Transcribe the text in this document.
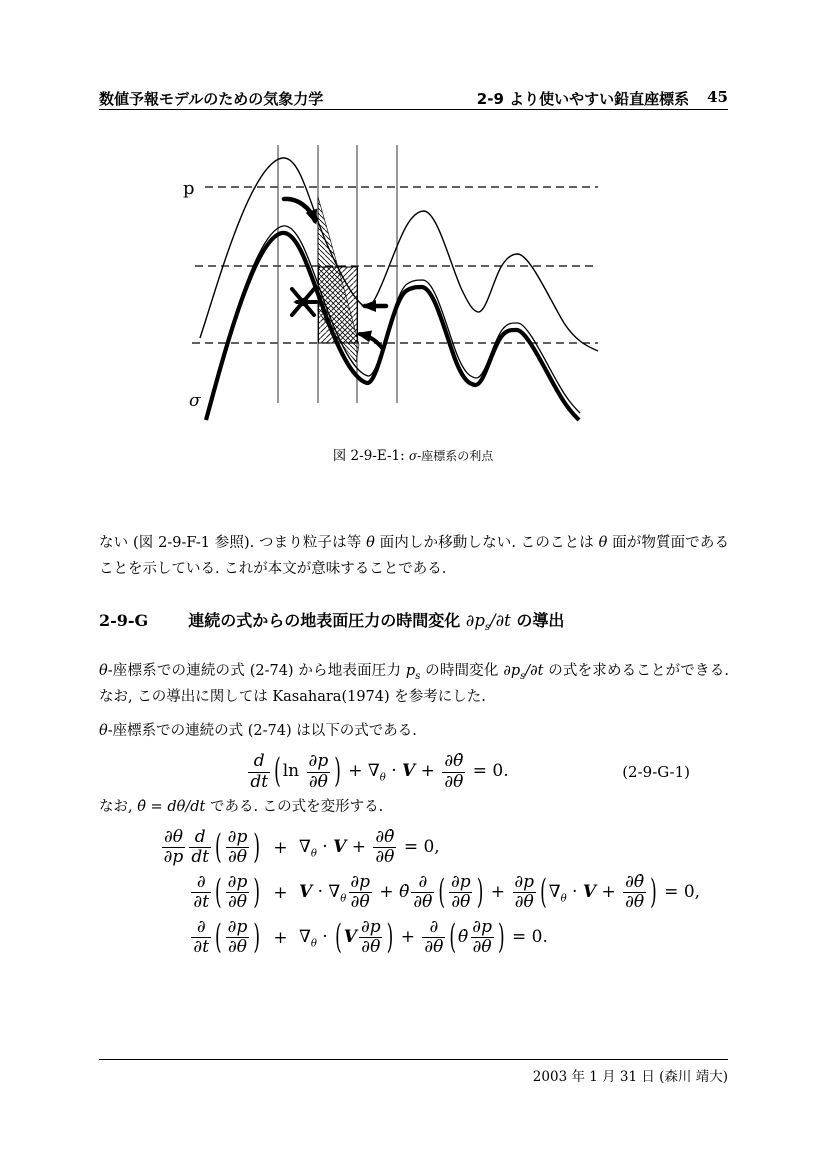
数値予報モデルのための気象力学	2-9 より使いやすい鉛直座標系 45
p
σ
図 2-9-E-1: σ-座標系の利点
ない (図 2-9-F-1 参照). つまり粒子は等 θ 面内しか移動しない. このことは θ 面が物質面であることを示している. これが本文が意味することである.
2-9-G	連続の式からの地表面圧力の時間変化 $\partial p_s/\partial t$ の導出
θ-座標系での連続の式 (2-74) から地表面圧力 $p_s$ の時間変化 $\partial p_s/\partial t$ の式を求めることができる. なお, この導出に関しては Kasahara(1974) を参考にした.
θ-座標系での連続の式 (2-74) は以下の式である.
$\frac{d}{dt}$ ( $\ln \frac{\partial p}{\partial\theta}$ ) + $\nabla_\theta \cdot V + \frac{\partial\thetȧ}{\partial\theta} = 0$.	(2-9-G-1)
なお, θ̇ = dθ/dt である. この式を変形する.
$\frac{\partial\theta}{\partial p} \frac{d}{dt}$ ( $\frac{\partial p}{\partial\theta}$ ) + $\nabla_\theta \cdot V + \frac{\partial\thetȧ}{\partial\theta} = 0$,
$\frac{\partial}{\partial t}$ ( $\frac{\partial p}{\partial\theta}$ ) + $V \cdot \nabla_\theta \frac{\partial p}{\partial\theta}$ + θ̇ $\frac{\partial}{\partial\theta}$ ( $\frac{\partial p}{\partial\theta}$ ) + $\frac{\partial p}{\partial\theta}$ ( $\nabla_\theta \cdot V + \frac{\partial\thetȧ}{\partial\theta}$ ) = 0,
$\frac{\partial}{\partial t}$ ( $\frac{\partial p}{\partial\theta}$ ) + $\nabla_\theta$ · ( V $\frac{\partial p}{\partial\theta}$ ) + $\frac{\partial}{\partial\theta}$ ( θ̇ $\frac{\partial p}{\partial\theta}$ ) = 0.
2003 年 1 月 31 日 (森川 靖大)
